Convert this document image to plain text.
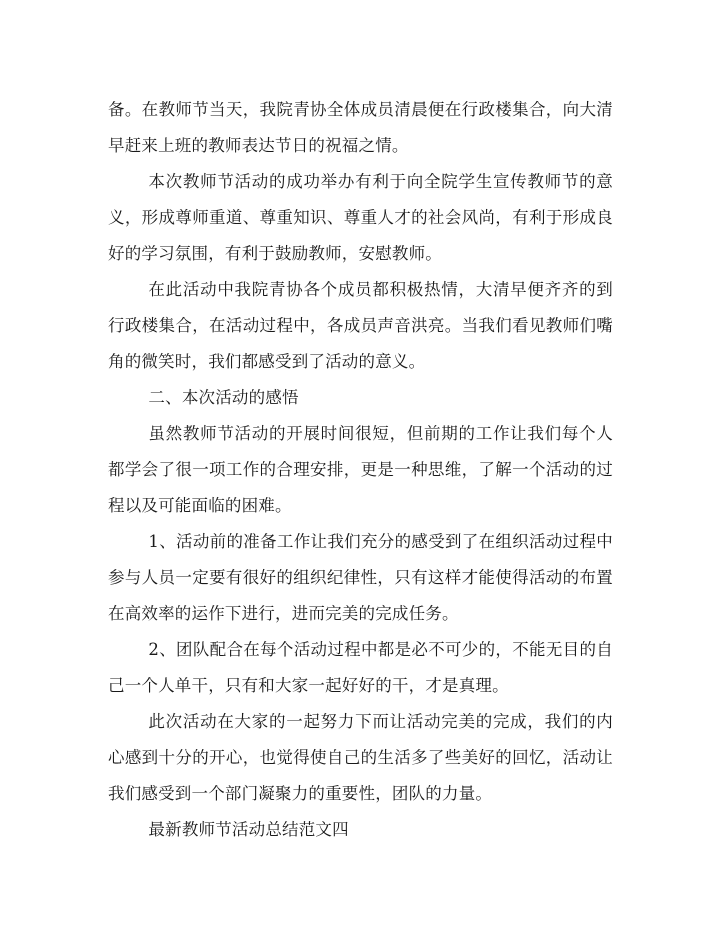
备。在教师节当天，我院青协全体成员清晨便在行政楼集合，向大清早赶来上班的教师表达节日的祝福之情。

本次教师节活动的成功举办有利于向全院学生宣传教师节的意义，形成尊师重道、尊重知识、尊重人才的社会风尚，有利于形成良好的学习氛围，有利于鼓励教师，安慰教师。

在此活动中我院青协各个成员都积极热情，大清早便齐齐的到行政楼集合，在活动过程中，各成员声音洪亮。当我们看见教师们嘴角的微笑时，我们都感受到了活动的意义。

二、本次活动的感悟

虽然教师节活动的开展时间很短，但前期的工作让我们每个人都学会了很一项工作的合理安排，更是一种思维，了解一个活动的过程以及可能面临的困难。

1、活动前的准备工作让我们充分的感受到了在组织活动过程中参与人员一定要有很好的组织纪律性，只有这样才能使得活动的布置在高效率的运作下进行，进而完美的完成任务。

2、团队配合在每个活动过程中都是必不可少的，不能无目的自己一个人单干，只有和大家一起好好的干，才是真理。

此次活动在大家的一起努力下而让活动完美的完成，我们的内心感到十分的开心，也觉得使自己的生活多了些美好的回忆，活动让我们感受到一个部门凝聚力的重要性，团队的力量。

最新教师节活动总结范文四
